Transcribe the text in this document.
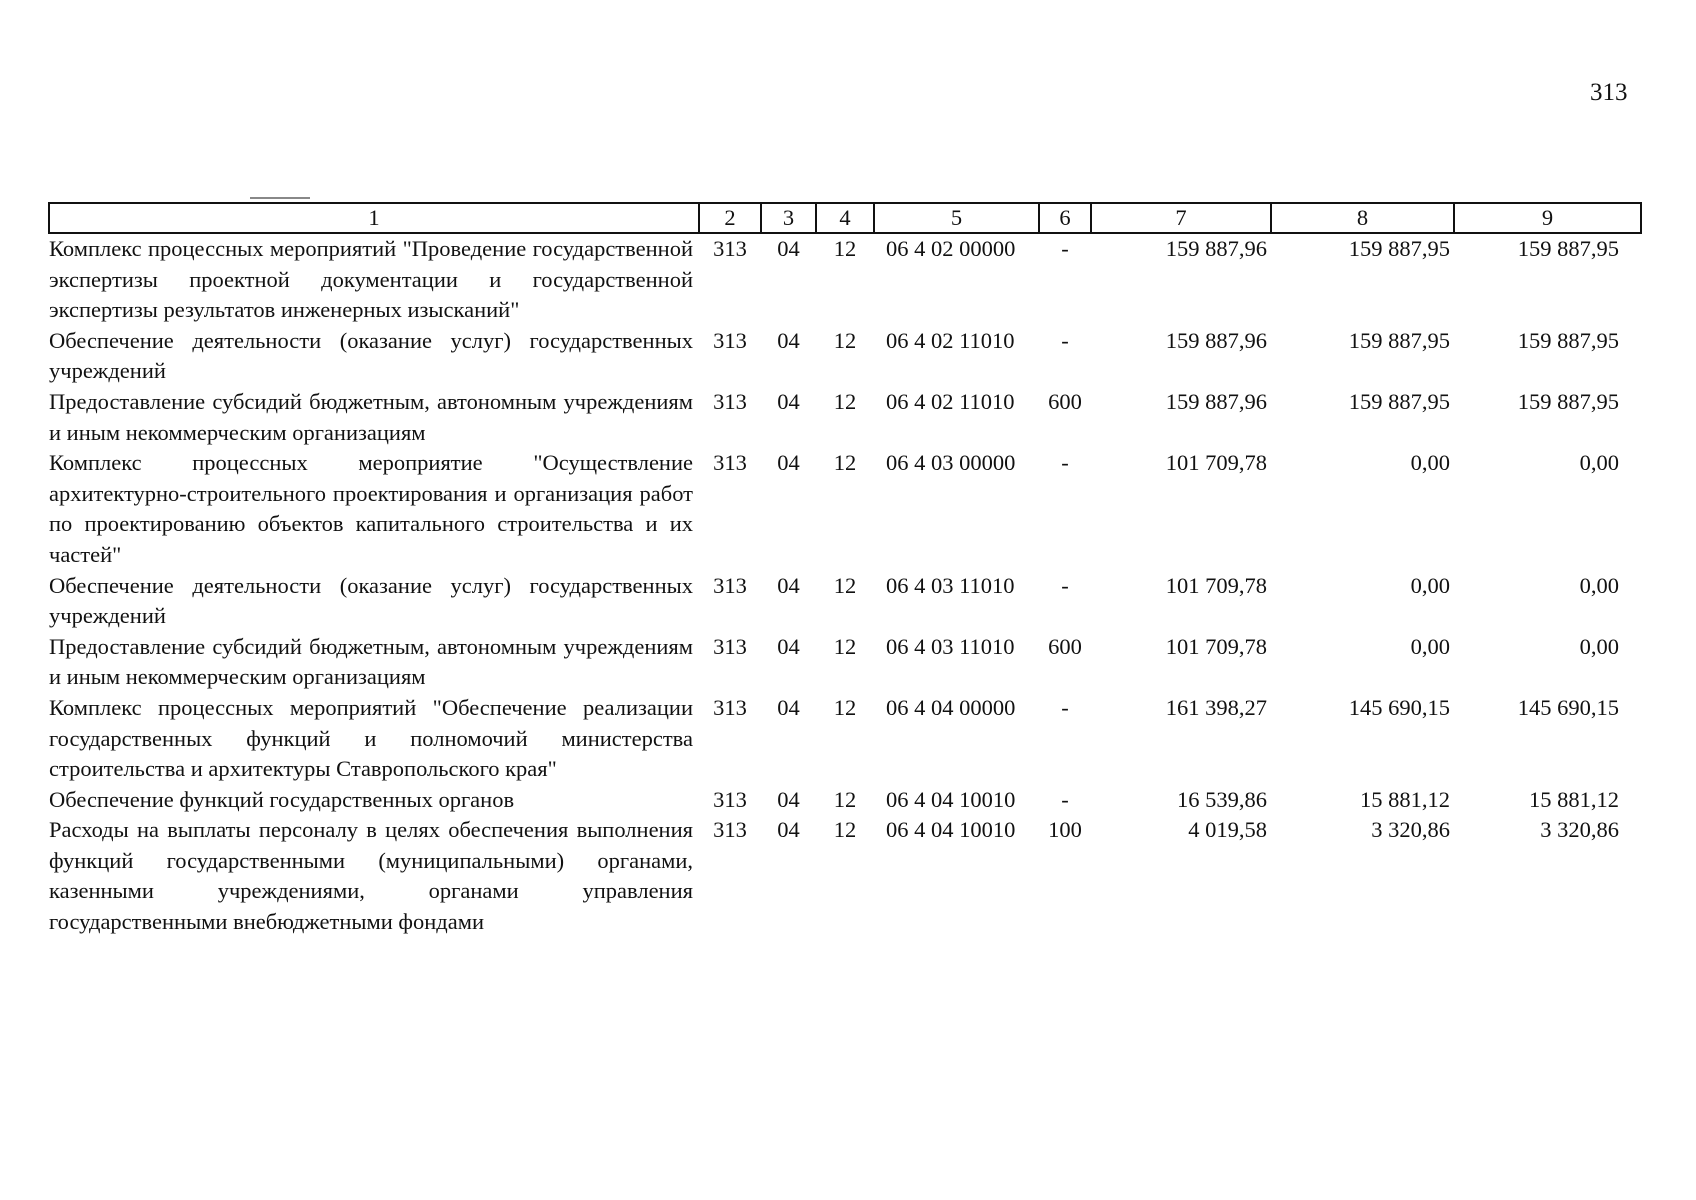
313
1	2	3	4	5	6	7	8	9
Комплекс процессных мероприятий "Проведение государственной экспертизы проектной документации и государственной экспертизы результатов инженерных изысканий"	313	04	12	06 4 02 00000	-	159 887,96	159 887,95	159 887,95
Обеспечение деятельности (оказание услуг) государственных учреждений	313	04	12	06 4 02 11010	-	159 887,96	159 887,95	159 887,95
Предоставление субсидий бюджетным, автономным учреждениям и иным некоммерческим организациям	313	04	12	06 4 02 11010	600	159 887,96	159 887,95	159 887,95
Комплекс процессных мероприятие "Осуществление архитектурно-строительного проектирования и организация работ по проектированию объектов капитального строительства и их частей"	313	04	12	06 4 03 00000	-	101 709,78	0,00	0,00
Обеспечение деятельности (оказание услуг) государственных учреждений	313	04	12	06 4 03 11010	-	101 709,78	0,00	0,00
Предоставление субсидий бюджетным, автономным учреждениям и иным некоммерческим организациям	313	04	12	06 4 03 11010	600	101 709,78	0,00	0,00
Комплекс процессных мероприятий "Обеспечение реализации государственных функций и полномочий министерства строительства и архитектуры Ставропольского края"	313	04	12	06 4 04 00000	-	161 398,27	145 690,15	145 690,15
Обеспечение функций государственных органов	313	04	12	06 4 04 10010	-	16 539,86	15 881,12	15 881,12
Расходы на выплаты персоналу в целях обеспечения выполнения функций государственными (муниципальными) органами, казенными учреждениями, органами управления государственными внебюджетными фондами	313	04	12	06 4 04 10010	100	4 019,58	3 320,86	3 320,86
